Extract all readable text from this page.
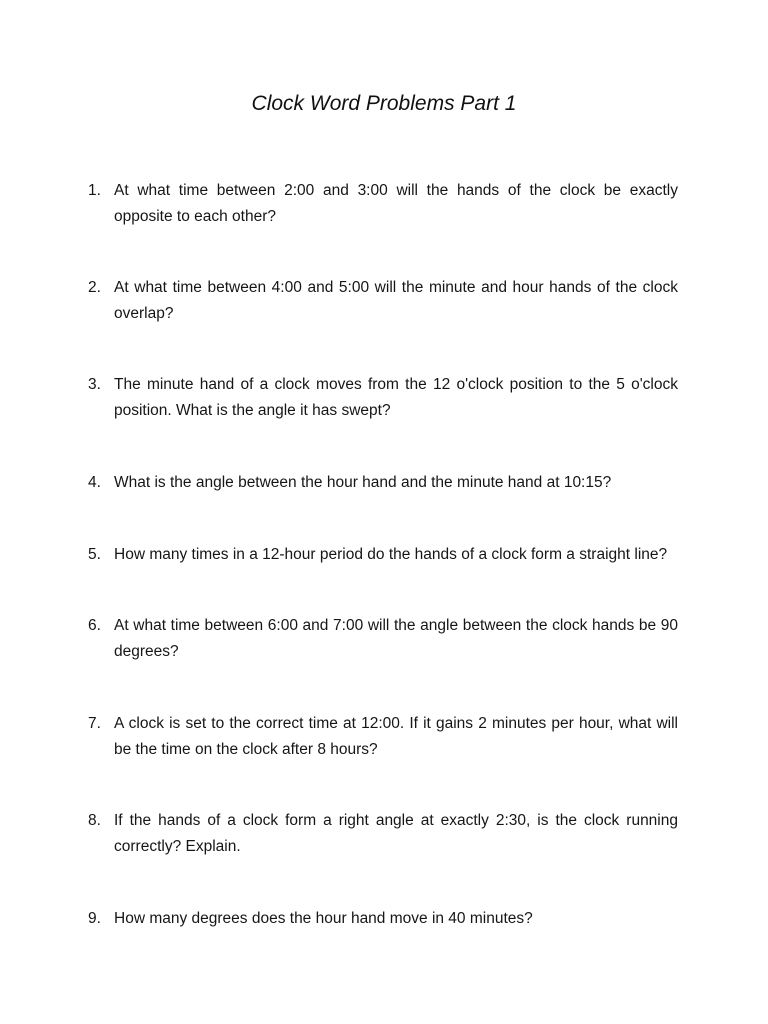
Clock Word Problems Part 1
1. At what time between 2:00 and 3:00 will the hands of the clock be exactly opposite to each other?
2. At what time between 4:00 and 5:00 will the minute and hour hands of the clock overlap?
3. The minute hand of a clock moves from the 12 o'clock position to the 5 o'clock position. What is the angle it has swept?
4. What is the angle between the hour hand and the minute hand at 10:15?
5. How many times in a 12-hour period do the hands of a clock form a straight line?
6. At what time between 6:00 and 7:00 will the angle between the clock hands be 90 degrees?
7. A clock is set to the correct time at 12:00. If it gains 2 minutes per hour, what will be the time on the clock after 8 hours?
8. If the hands of a clock form a right angle at exactly 2:30, is the clock running correctly? Explain.
9. How many degrees does the hour hand move in 40 minutes?
